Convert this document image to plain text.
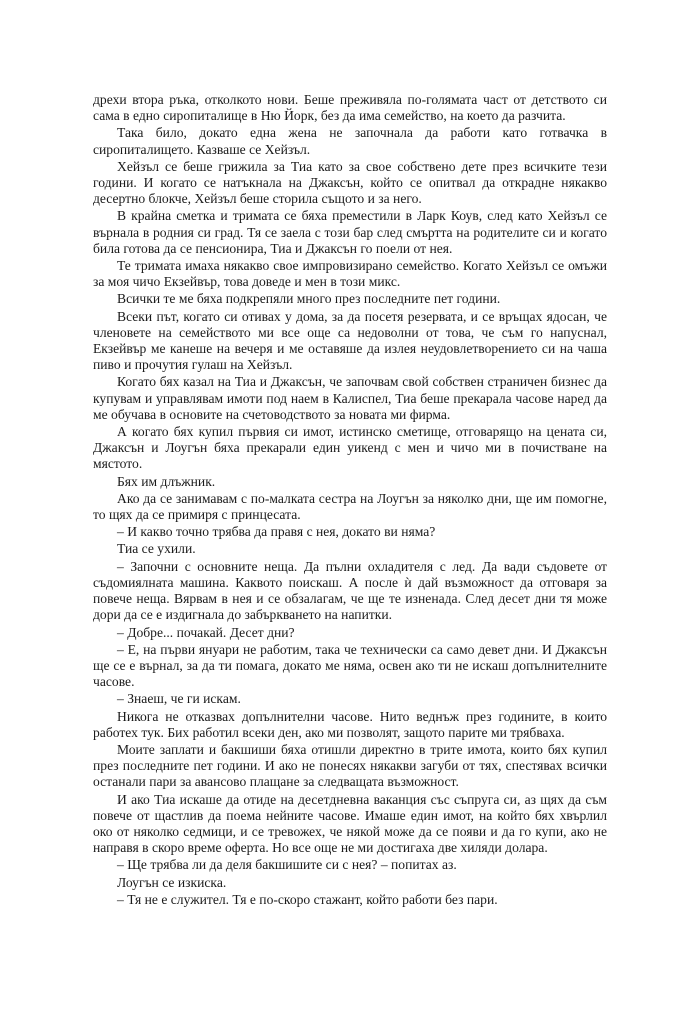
дрехи втора ръка, отколкото нови. Беше преживяла по-голямата част от детството си сама в едно сиропиталище в Ню Йорк, без да има семейство, на което да разчита.

Така било, докато една жена не започнала да работи като готвачка в сиропиталището. Казваше се Хейзъл.

Хейзъл се беше грижила за Тиа като за свое собствено дете през всичките тези години. И когато се натъкнала на Джаксън, който се опитвал да открадне някакво десертно блокче, Хейзъл беше сторила същото и за него.

В крайна сметка и тримата се бяха преместили в Ларк Коув, след като Хейзъл се върнала в родния си град. Тя се заела с този бар след смъртта на родителите си и когато била готова да се пенсионира, Тиа и Джаксън го поели от нея.

Те тримата имаха някакво свое импровизирано семейство. Когато Хейзъл се омъжи за моя чичо Екзейвър, това доведе и мен в този микс.

Всички те ме бяха подкрепяли много през последните пет години.

Всеки път, когато си отивах у дома, за да посетя резервата, и се връщах ядосан, че членовете на семейството ми все още са недоволни от това, че съм го напуснал, Екзейвър ме канеше на вечеря и ме оставяше да излея неудовлетворението си на чаша пиво и прочутия гулаш на Хейзъл.

Когато бях казал на Тиа и Джаксън, че започвам свой собствен страничен бизнес да купувам и управлявам имоти под наем в Калиспел, Тиа беше прекарала часове наред да ме обучава в основите на счетоводството за новата ми фирма.

А когато бях купил първия си имот, истинско сметище, отговарящо на цената си, Джаксън и Лоугън бяха прекарали един уикенд с мен и чичо ми в почистване на мястото.

Бях им длъжник.

Ако да се занимавам с по-малката сестра на Лоугън за няколко дни, ще им помогне, то щях да се примиря с принцесата.

– И какво точно трябва да правя с нея, докато ви няма?

Тиа се ухили.

– Започни с основните неща. Да пълни охладителя с лед. Да вади съдовете от съдомиялната машина. Каквото поискаш. А после ѝ дай възможност да отговаря за повече неща. Вярвам в нея и се обзалагам, че ще те изненада. След десет дни тя може дори да се е издигнала до забъркването на напитки.

– Добре... почакай. Десет дни?

– Е, на първи януари не работим, така че технически са само девет дни. И Джаксън ще се е върнал, за да ти помага, докато ме няма, освен ако ти не искаш допълнителните часове.

– Знаеш, че ги искам.

Никога не отказвах допълнителни часове. Нито веднъж през годините, в които работех тук. Бих работил всеки ден, ако ми позволят, защото парите ми трябваха.

Моите заплати и бакшиши бяха отишли директно в трите имота, които бях купил през последните пет години. И ако не понесях някакви загуби от тях, спестявах всички останали пари за авансово плащане за следващата възможност.

И ако Тиа искаше да отиде на десетдневна ваканция със съпруга си, аз щях да съм повече от щастлив да поема нейните часове. Имаше един имот, на който бях хвърлил око от няколко седмици, и се тревожех, че някой може да се появи и да го купи, ако не направя в скоро време оферта. Но все още не ми достигаха две хиляди долара.

– Ще трябва ли да деля бакшишите си с нея? – попитах аз.

Лоугън се изкиска.

– Тя не е служител. Тя е по-скоро стажант, който работи без пари.
